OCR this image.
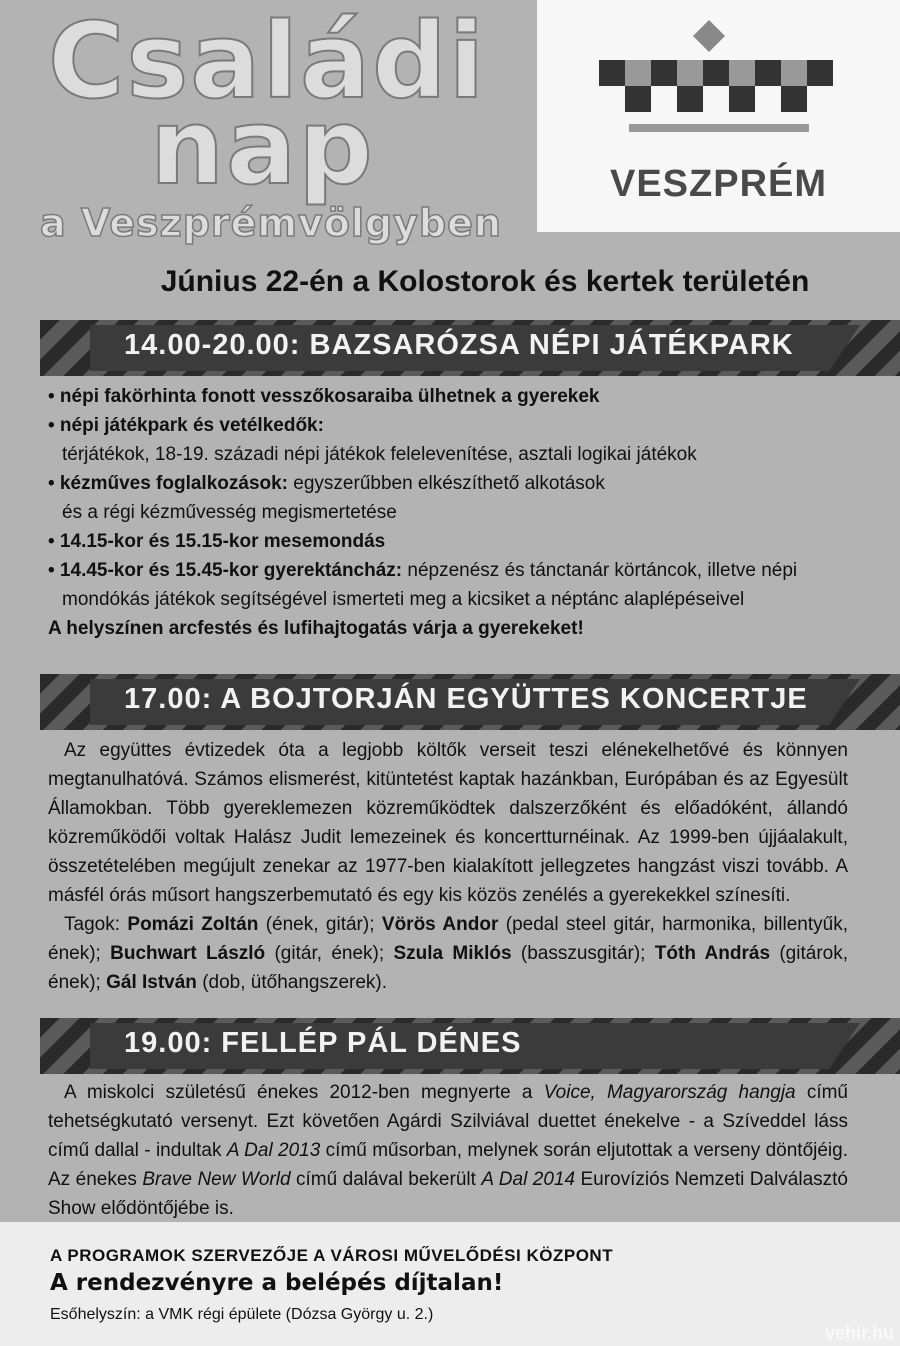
Családi
nap
a Veszprémvölgyben
VESZPRÉM
Június 22-én a Kolostorok és kertek területén
14.00-20.00: BAZSARÓZSA NÉPI JÁTÉKPARK

• népi fakörhinta fonott vesszőkosaraiba ülhetnek a gyerekek

• népi játékpark és vetélkedők:

térjátékok, 18-19. századi népi játékok felelevenítése, asztali logikai játékok

• kézműves foglalkozások: egyszerűbben elkészíthető alkotások

és a régi kézművesség megismertetése

• 14.15-kor és 15.15-kor mesemondás

• 14.45-kor és 15.45-kor gyerektáncház: népzenész és tánctanár körtáncok, illetve népi

mondókás játékok segítségével ismerteti meg a kicsiket a néptánc alaplépéseivel

A helyszínen arcfestés és lufihajtogatás várja a gyerekeket!

17.00: A BOJTORJÁN EGYÜTTES KONCERTJE

Az együttes évtizedek óta a legjobb költők verseit teszi elénekelhetővé és könnyen megtanulhatóvá. Számos elismerést, kitüntetést kaptak hazánkban, Európában és az Egyesült Államokban. Több gyereklemezen közreműködtek dalszerzőként és előadóként, állandó közreműködői voltak Halász Judit lemezeinek és koncertturnéinak. Az 1999-ben újjáalakult, összetételében megújult zenekar az 1977-ben kialakított jellegzetes hangzást viszi tovább. A másfél órás műsort hangszerbemutató és egy kis közös zenélés a gyerekekkel színesíti.

Tagok: Pomázi Zoltán (ének, gitár); Vörös Andor (pedal steel gitár, harmonika, billentyűk, ének); Buchwart László (gitár, ének); Szula Miklós (basszusgitár); Tóth András (gitárok, ének); Gál István (dob, ütőhangszerek).

19.00: FELLÉP PÁL DÉNES

A miskolci születésű énekes 2012-ben megnyerte a Voice, Magyarország hangja című tehetségkutató versenyt. Ezt követően Agárdi Szilviával duettet énekelve - a Szíveddel láss című dallal - indultak A Dal 2013 című műsorban, melynek során eljutottak a verseny döntőjéig. Az énekes Brave New World című dalával bekerült A Dal 2014 Eurovíziós Nemzeti Dalválasztó Show elődöntőjébe is.

A PROGRAMOK SZERVEZŐJE A VÁROSI MŰVELŐDÉSI KÖZPONT
A rendezvényre a belépés díjtalan!
Esőhelyszín: a VMK régi épülete (Dózsa György u. 2.)
vehir.hu
